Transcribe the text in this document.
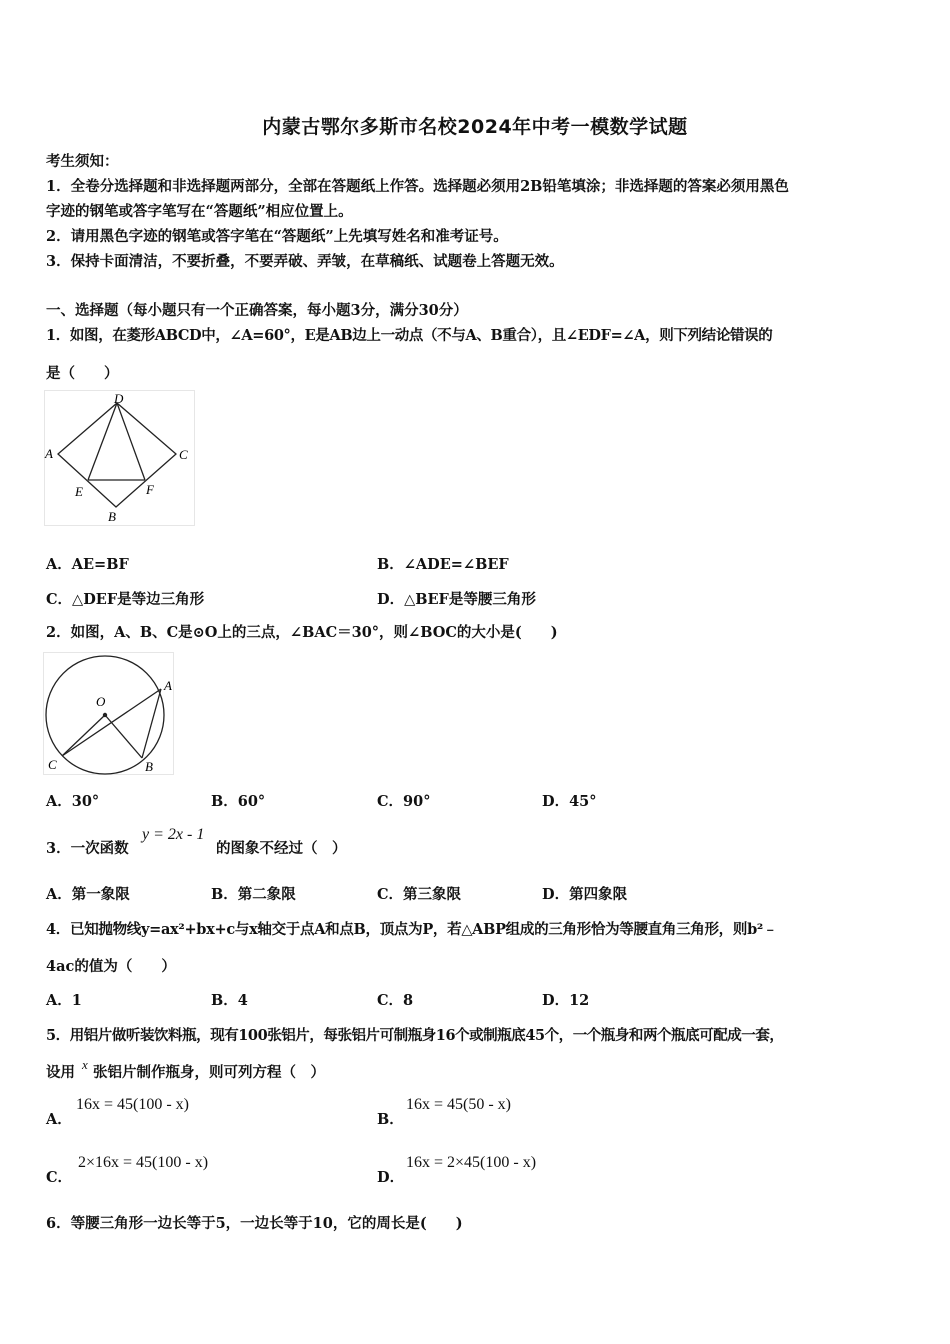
内蒙古鄂尔多斯市名校2024年中考一模数学试题
考生须知：
1．全卷分选择题和非选择题两部分，全部在答题纸上作答。选择题必须用2B铅笔填涂；非选择题的答案必须用黑色
字迹的钢笔或答字笔写在“答题纸”相应位置上。
2．请用黑色字迹的钢笔或答字笔在“答题纸”上先填写姓名和准考证号。
3．保持卡面清洁，不要折叠，不要弄破、弄皱，在草稿纸、试题卷上答题无效。
一、选择题（每小题只有一个正确答案，每小题3分，满分30分）
1．如图，在菱形ABCD中，∠A=60°，E是AB边上一动点（不与A、B重合），且∠EDF=∠A，则下列结论错误的
是（　　）
D
A	C
E	F
B
A．AE=BF	B．∠ADE=∠BEF
C．△DEF是等边三角形	D．△BEF是等腰三角形
2．如图，A、B、C是⊙O上的三点，∠BAC＝30°，则∠BOC的大小是(　　)
O
A
C	B
A．30°	B．60°	C．90°	D．45°
3．一次函数
y = 2x - 1
的图象不经过（　）
A．第一象限	B．第二象限	C．第三象限	D．第四象限
4．已知抛物线y=ax²+bx+c与x轴交于点A和点B，顶点为P，若△ABP组成的三角形恰为等腰直角三角形，则b²﹣
4ac的值为（　　）
A．1	B．4	C．8	D．12
5．用铝片做听装饮料瓶，现有100张铝片，每张铝片可制瓶身16个或制瓶底45个，一个瓶身和两个瓶底可配成一套，
设用 x 张铝片制作瓶身，则可列方程（　）
A．
16x = 45(100 - x)
B．
16x = 45(50 - x)
C．
2×16x = 45(100 - x)
D．
16x = 2×45(100 - x)
6．等腰三角形一边长等于5，一边长等于10，它的周长是(　　)
